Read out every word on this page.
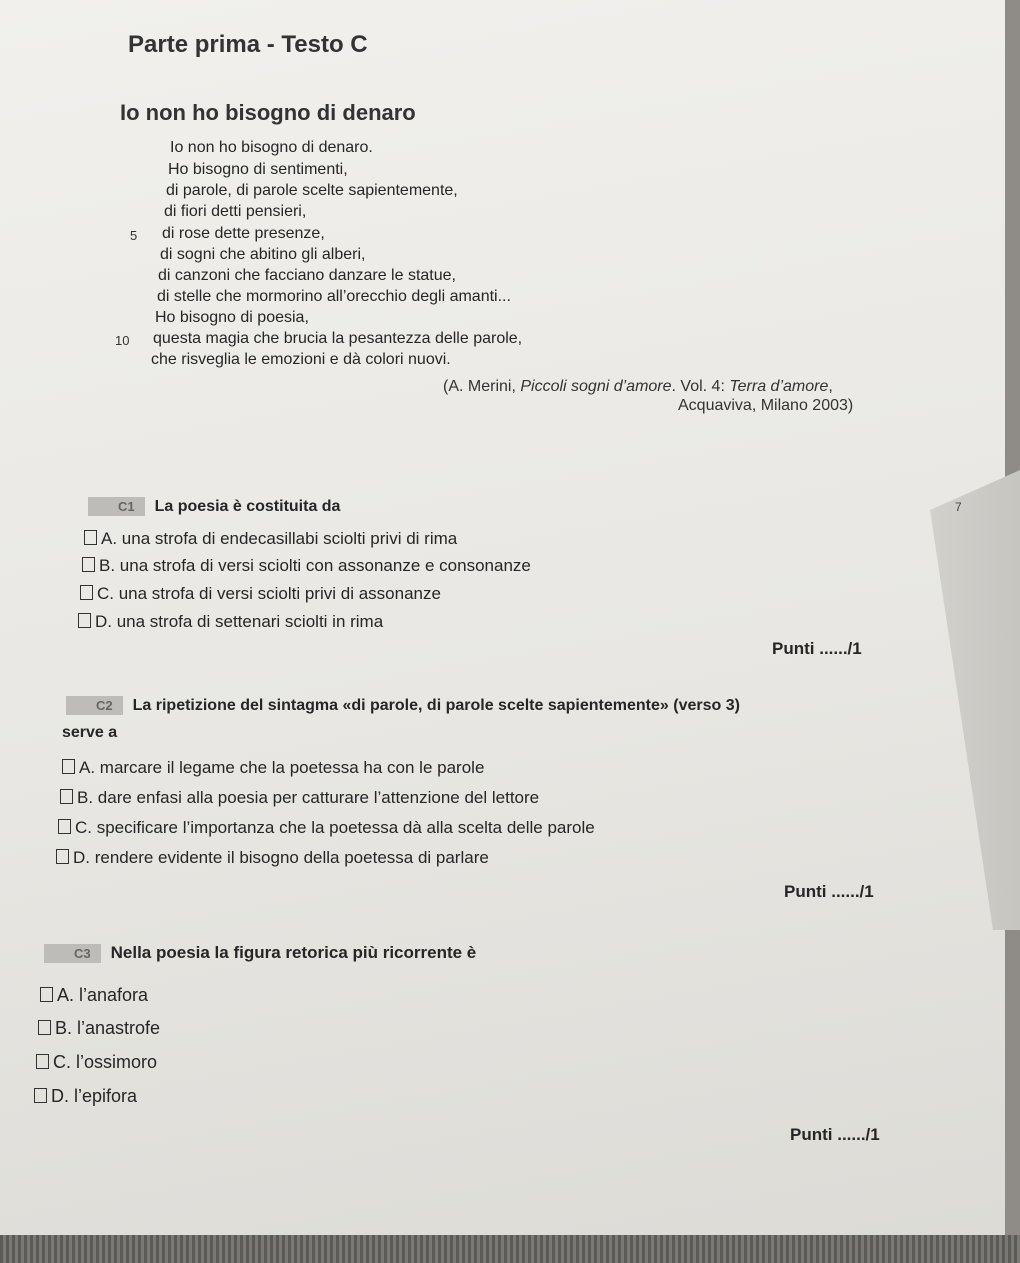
7
Parte prima - Testo C
Io non ho bisogno di denaro
Io non ho bisogno di denaro.
Ho bisogno di sentimenti,
di parole, di parole scelte sapientemente,
di fiori detti pensieri,
5 di rose dette presenze,
di sogni che abitino gli alberi,
di canzoni che facciano danzare le statue,
di stelle che mormorino all’orecchio degli amanti...
Ho bisogno di poesia,
10 questa magia che brucia la pesantezza delle parole,
che risveglia le emozioni e dà colori nuovi.
(A. Merini, Piccoli sogni d’amore. Vol. 4: Terra d’amore,
Acquaviva, Milano 2003)
C1 La poesia è costituita da
A. una strofa di endecasillabi sciolti privi di rima
B. una strofa di versi sciolti con assonanze e consonanze
C. una strofa di versi sciolti privi di assonanze
D. una strofa di settenari sciolti in rima
Punti ....../1
C2 La ripetizione del sintagma «di parole, di parole scelte sapientemente» (verso 3)
serve a
A. marcare il legame che la poetessa ha con le parole
B. dare enfasi alla poesia per catturare l’attenzione del lettore
C. specificare l’importanza che la poetessa dà alla scelta delle parole
D. rendere evidente il bisogno della poetessa di parlare
Punti ....../1
C3 Nella poesia la figura retorica più ricorrente è
A. l’anafora
B. l’anastrofe
C. l’ossimoro
D. l’epifora
Punti ....../1
